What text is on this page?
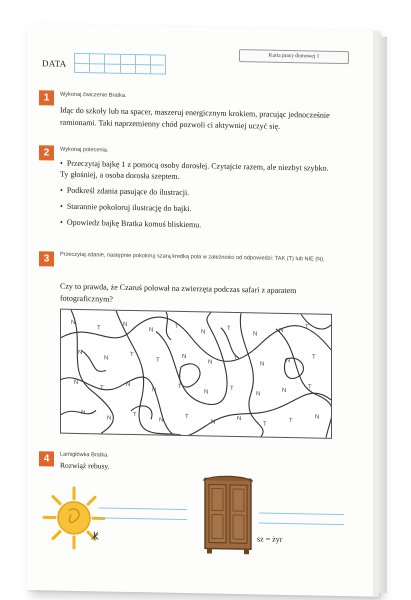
DATA
Karta pracy domowej 1
1	Wykonaj ćwiczenie Bratka.
Idąc do szkoły lub na spacer, maszeruj energicznym krokiem, pracując jednocześnie ramionami. Taki naprzemienny chód pozwoli ci aktywniej uczyć się.
2	Wykonaj polecenia.
• Przeczytaj bajkę 1 z pomocą osoby dorosłej. Czytajcie razem, ale niezbyt szybko. Ty głośniej, a osoba dorosła szeptem.
• Podkreśl zdania pasujące do ilustracji.
• Starannie pokoloruj ilustrację do bajki.
• Opowiedz bajkę Bratka komuś bliskiemu.
3	Przeczytaj zdanie, następnie pokoloruj szarą kredką pola w zależności od odpowiedzi: TAK (T) lub NIE (N).
Czy to prawda, że Czaruś polował na zwierzęta podczas safari z aparatem fotograficznym?
N
T
N
N
T
N
T
N
N
T
N
N
T
T
N
N
T
N
N
T
N
T
N
N
T
N
T
N
N
T
N
N
T
N
T
N
N
T
T
N
4	Lamigłówka Bratka.
Rozwiąż rebusy.
k̸	sz = żyr
